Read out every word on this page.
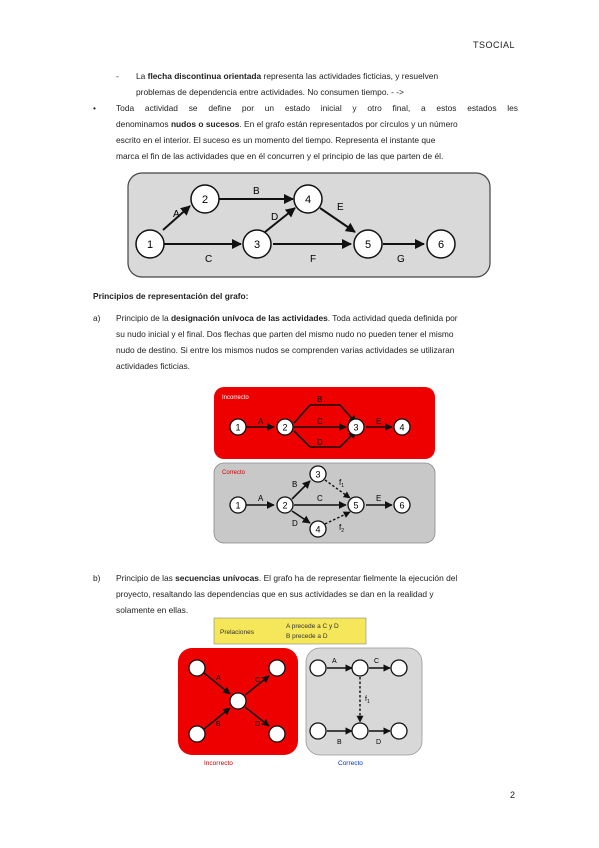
TSOCIAL
- La flecha discontinua orientada representa las actividades ficticias, y resuelven
problemas de dependencia entre actividades. No consumen tiempo. - ->
• Toda actividad se define por un estado inicial y otro final, a estos estados les
denominamos nudos o sucesos. En el grafo están representados por círculos y un número
escrito en el interior. El suceso es un momento del tiempo. Representa el instante que
marca el fin de las actividades que en él concurren y el principio de las que parten de él.
1
2
3
4
5	6
A
B
C
D
E
F	G
Principios de representación del grafo:
a) Principio de la designación unívoca de las actividades. Toda actividad queda definida por
su nudo inicial y el final. Dos flechas que parten del mismo nudo no pueden tener el mismo
nudo de destino. Si entre los mismos nudos se comprenden varias actividades se utilizaran
actividades ficticias.
Incorrecto
1	2	3	4
A
B
C
D
E
Correcto
1	2
3
4
5	6
A
B
C
D
E
$f_1$
$f_2$
b) Principio de las secuencias unívocas. El grafo ha de representar fielmente la ejecución del
proyecto, resaltando las dependencias que en sus actividades se dan en la realidad y
solamente en ellas.
Prelaciones
A precede a C y D
B precede a D
A	C
B	D
Incorrecto
A	C
B	D
$f_1$
Correcto
2
